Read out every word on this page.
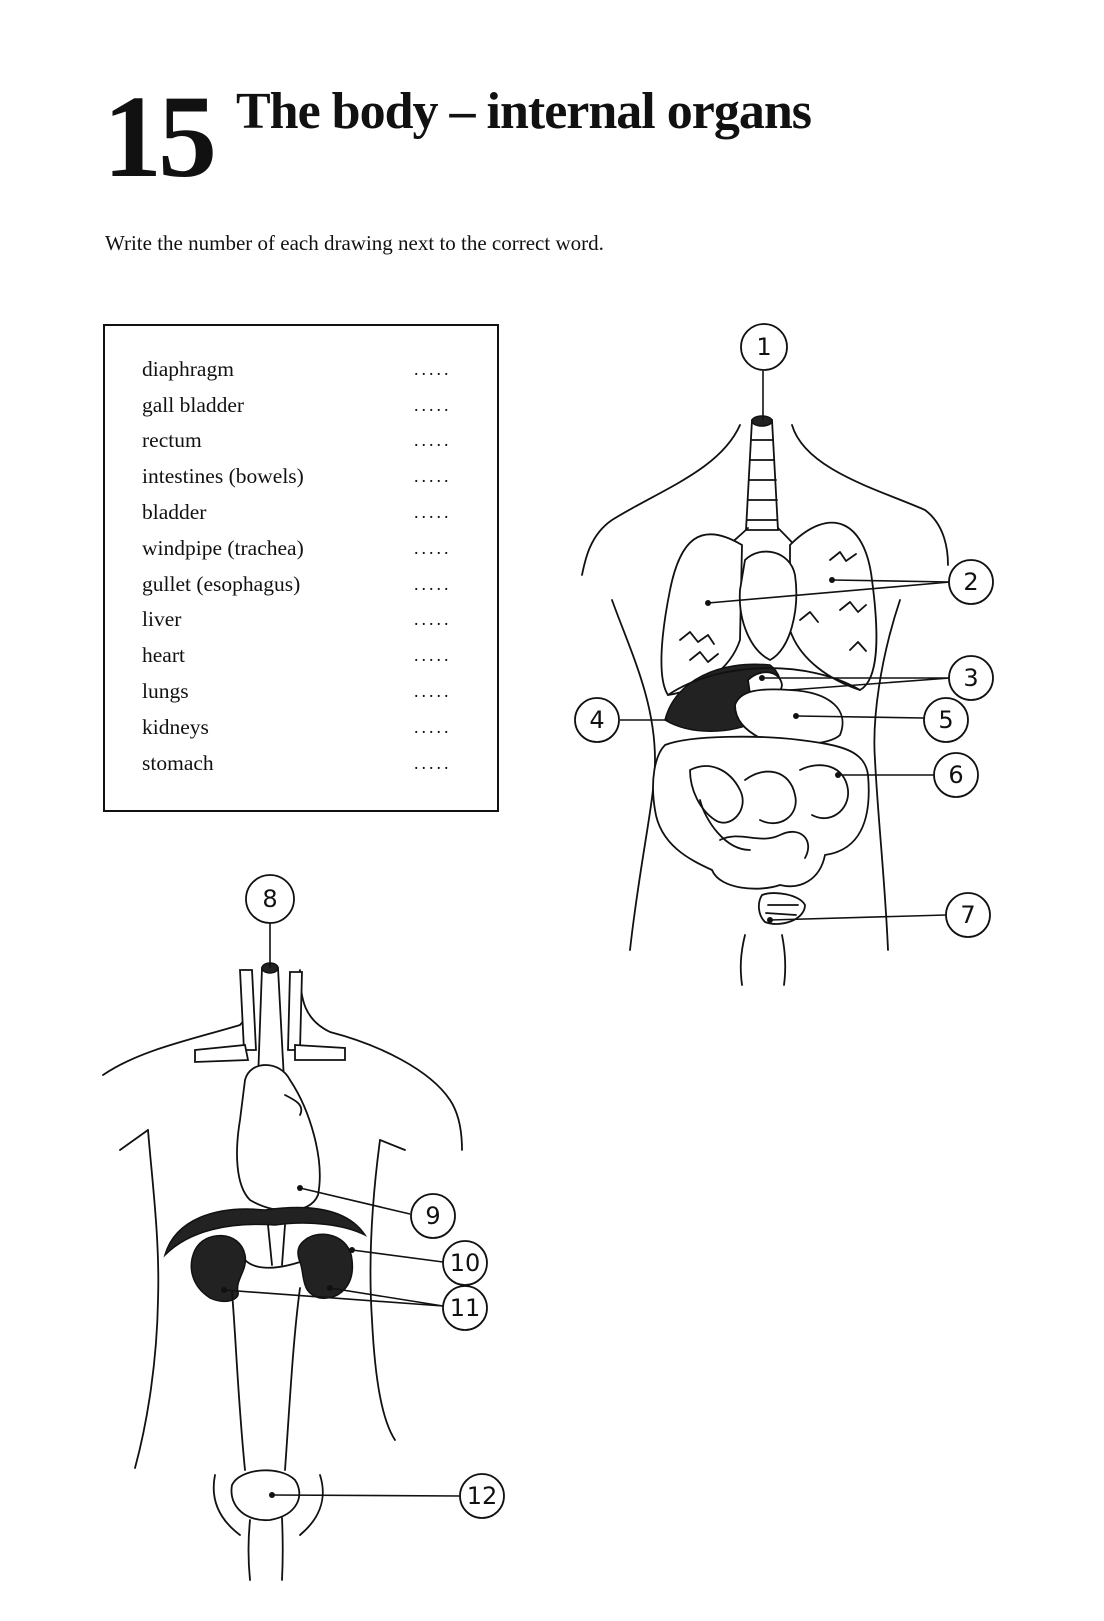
15 The body – internal organs
Write the number of each drawing next to the correct word.
diaphragm	.....
gall bladder	.....
rectum	.....
intestines (bowels)	.....
bladder	.....
windpipe (trachea)	.....
gullet (esophagus)	.....
liver	.....
heart	.....
lungs	.....
kidneys	.....
stomach	.....
1
2
3
4	5
6
7
8
9
10
11
12
